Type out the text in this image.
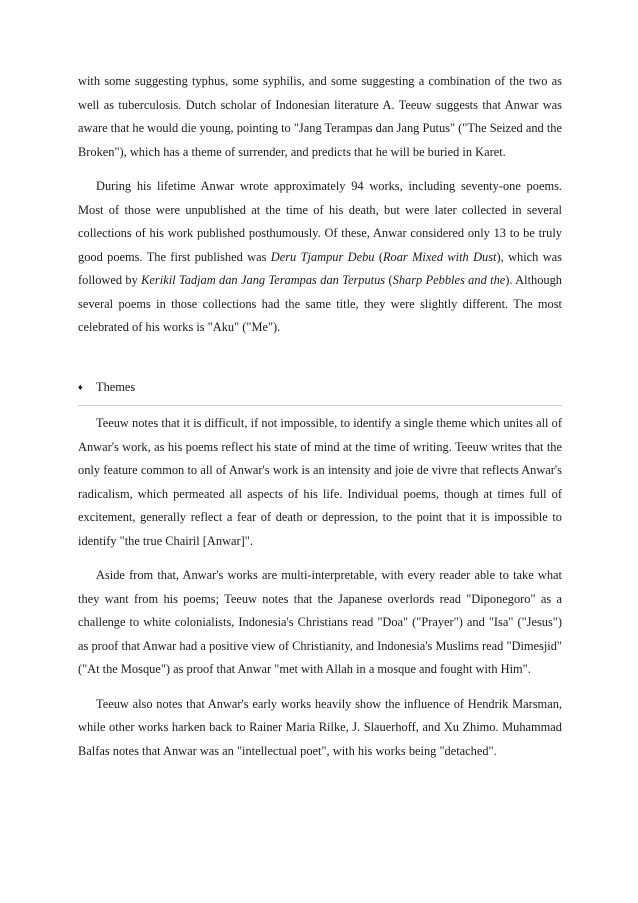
with some suggesting typhus, some syphilis, and some suggesting a combination of the two as well as tuberculosis. Dutch scholar of Indonesian literature A. Teeuw suggests that Anwar was aware that he would die young, pointing to "Jang Terampas dan Jang Putus" ("The Seized and the Broken"), which has a theme of surrender, and predicts that he will be buried in Karet.

During his lifetime Anwar wrote approximately 94 works, including seventy-one poems. Most of those were unpublished at the time of his death, but were later collected in several collections of his work published posthumously. Of these, Anwar considered only 13 to be truly good poems. The first published was Deru Tjampur Debu (Roar Mixed with Dust), which was followed by Kerikil Tadjam dan Jang Terampas dan Terputus (Sharp Pebbles and the). Although several poems in those collections had the same title, they were slightly different. The most celebrated of his works is "Aku" ("Me").

♦ Themes

Teeuw notes that it is difficult, if not impossible, to identify a single theme which unites all of Anwar's work, as his poems reflect his state of mind at the time of writing. Teeuw writes that the only feature common to all of Anwar's work is an intensity and joie de vivre that reflects Anwar's radicalism, which permeated all aspects of his life. Individual poems, though at times full of excitement, generally reflect a fear of death or depression, to the point that it is impossible to identify "the true Chairil [Anwar]".

Aside from that, Anwar's works are multi-interpretable, with every reader able to take what they want from his poems; Teeuw notes that the Japanese overlords read "Diponegoro" as a challenge to white colonialists, Indonesia's Christians read "Doa" ("Prayer") and "Isa" ("Jesus") as proof that Anwar had a positive view of Christianity, and Indonesia's Muslims read "Dimesjid" ("At the Mosque") as proof that Anwar "met with Allah in a mosque and fought with Him".

Teeuw also notes that Anwar's early works heavily show the influence of Hendrik Marsman, while other works harken back to Rainer Maria Rilke, J. Slauerhoff, and Xu Zhimo. Muhammad Balfas notes that Anwar was an "intellectual poet", with his works being "detached".
